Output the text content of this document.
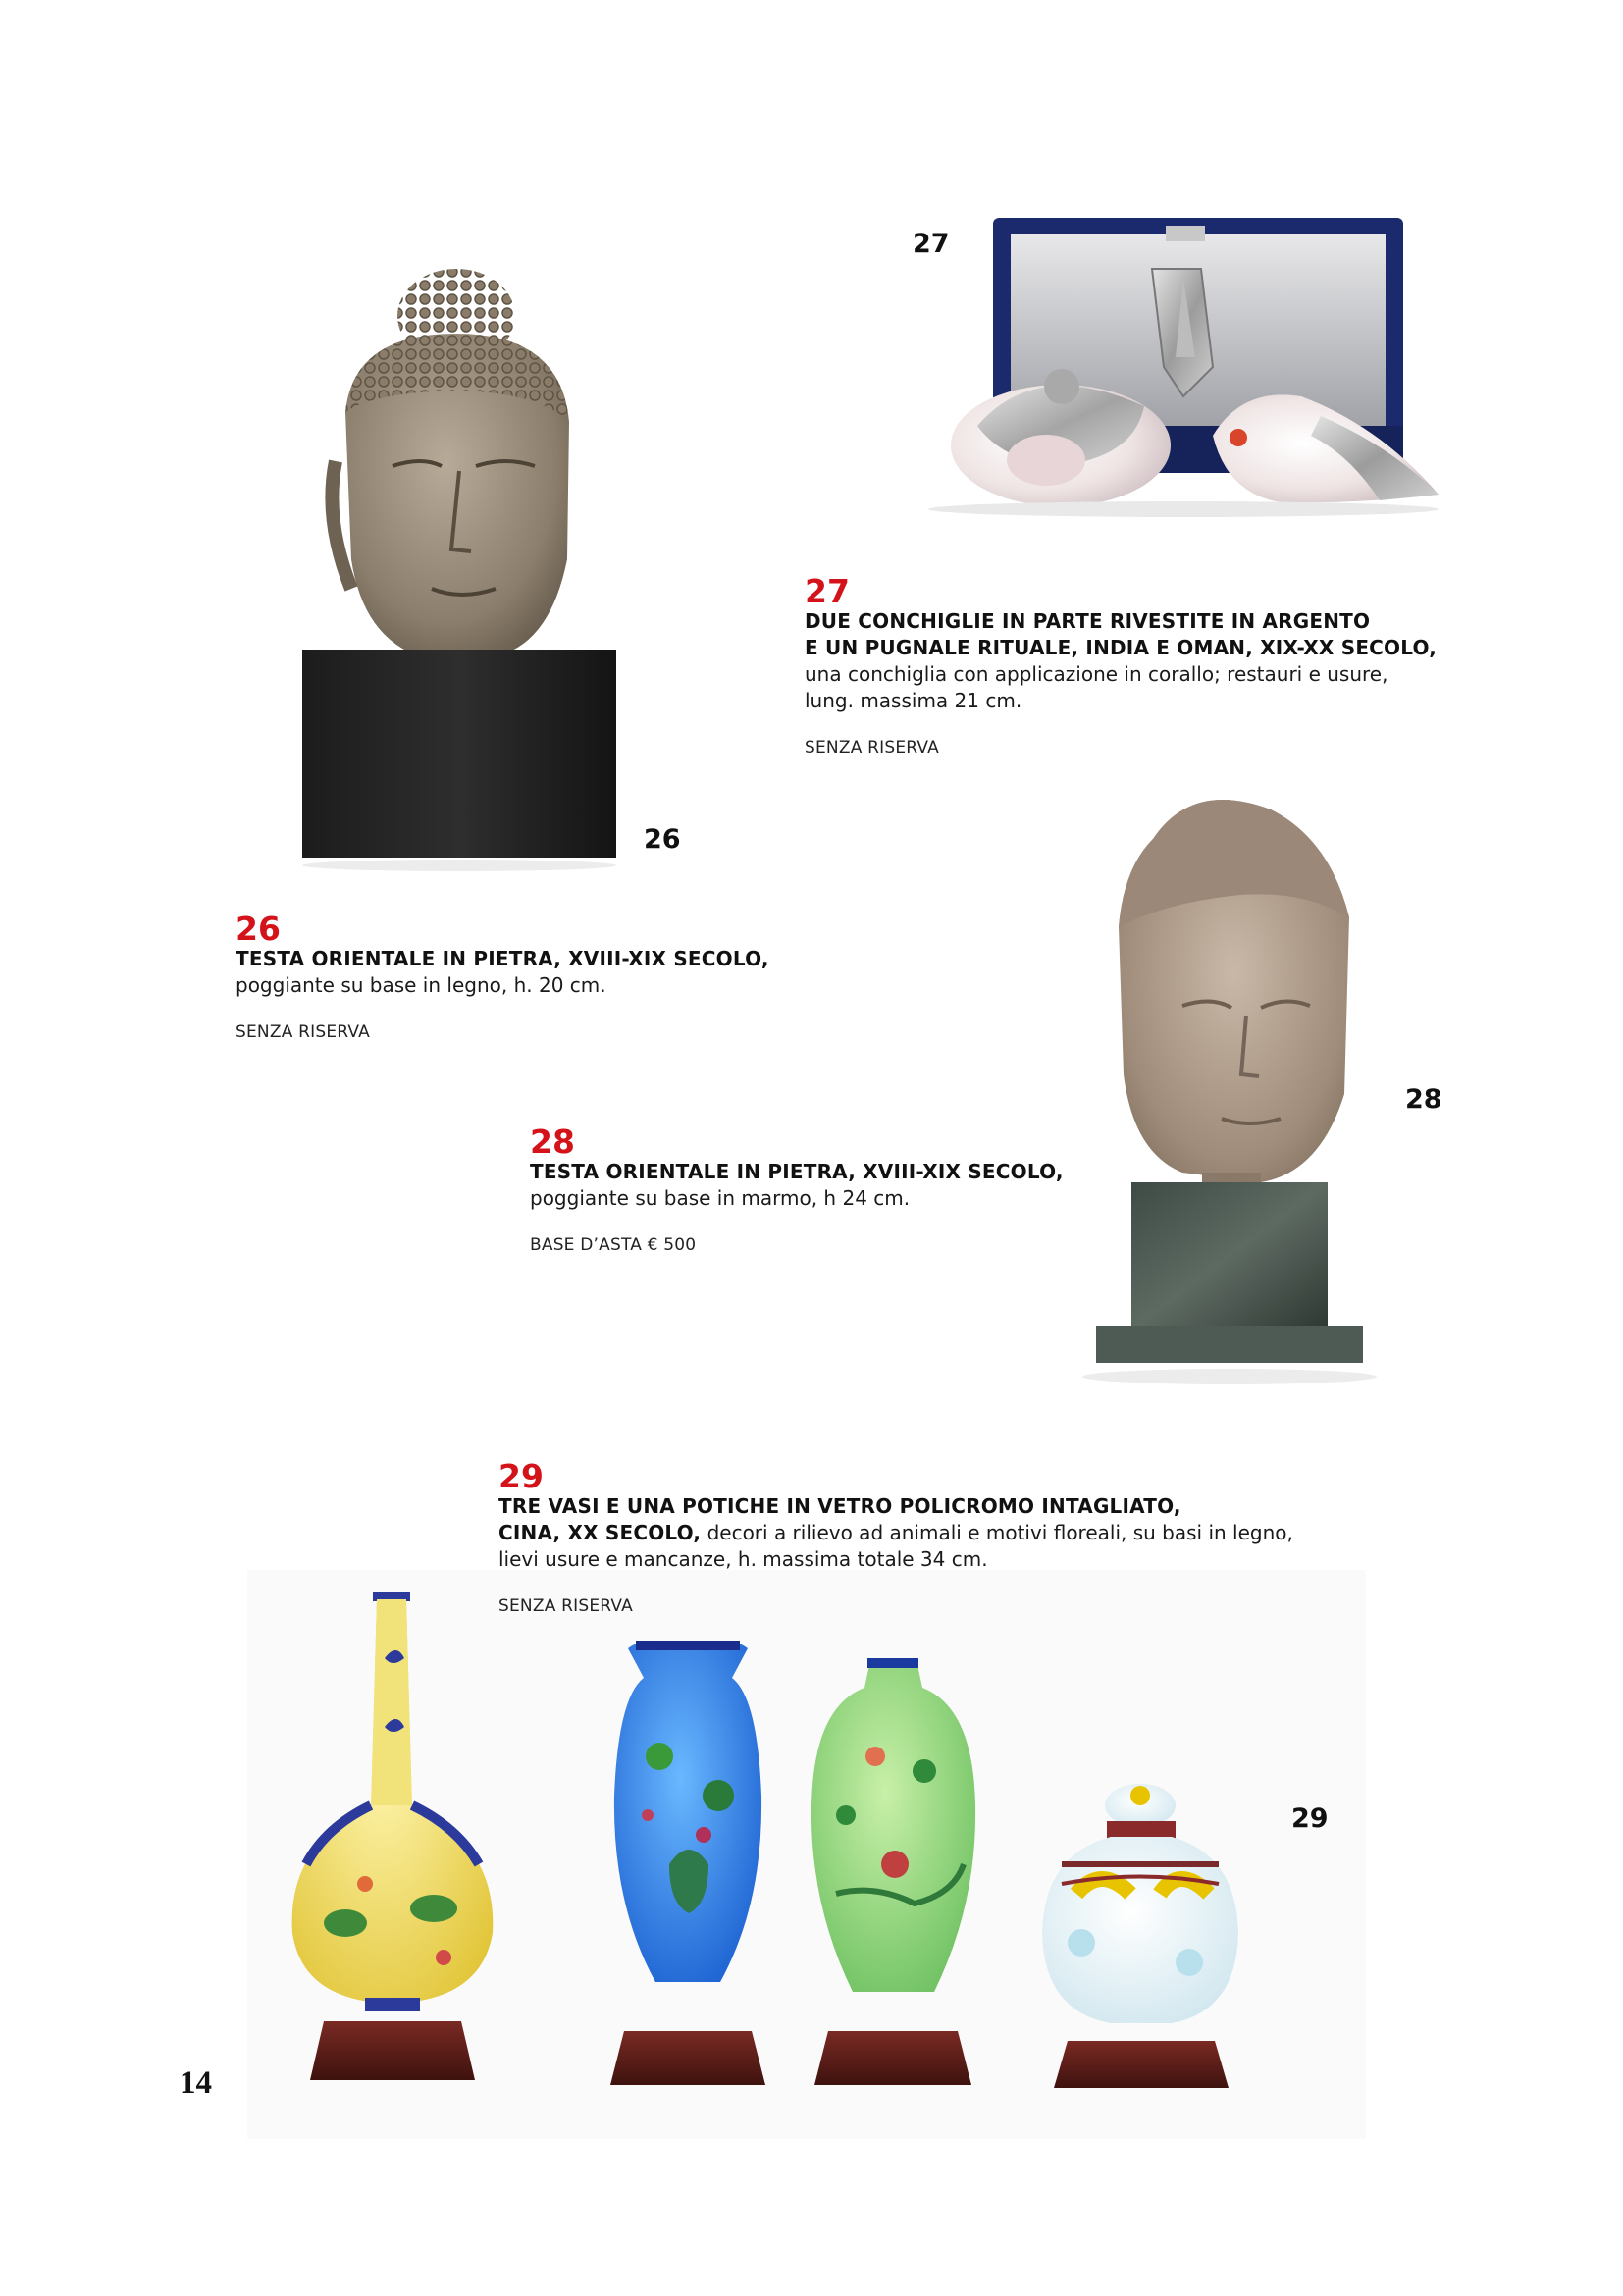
27
26
28
29
27
DUE CONCHIGLIE IN PARTE RIVESTITE IN ARGENTO
E UN PUGNALE RITUALE, INDIA E OMAN, XIX-XX SECOLO,
una conchiglia con applicazione in corallo; restauri e usure,
lung. massima 21 cm.
SENZA RISERVA
26
TESTA ORIENTALE IN PIETRA, XVIII-XIX SECOLO,
poggiante su base in legno, h. 20 cm.
SENZA RISERVA
28
TESTA ORIENTALE IN PIETRA, XVIII-XIX SECOLO,
poggiante su base in marmo, h 24 cm.
BASE D’ASTA € 500
29
TRE VASI E UNA POTICHE IN VETRO POLICROMO INTAGLIATO,
CINA, XX SECOLO, decori a rilievo ad animali e motivi floreali, su basi in legno,
lievi usure e mancanze, h. massima totale 34 cm.
SENZA RISERVA
14
